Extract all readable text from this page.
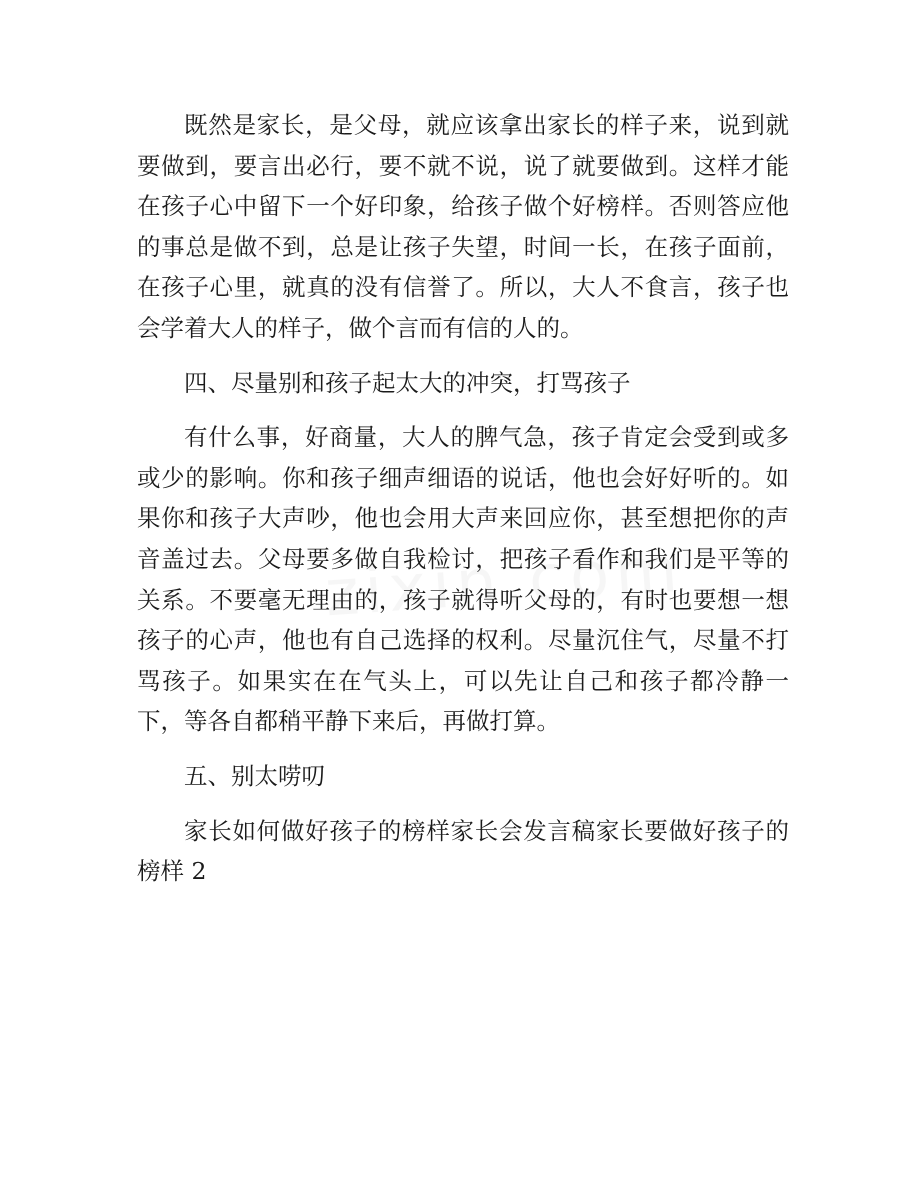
既然是家长，是父母，就应该拿出家长的样子来，说到就要做到，要言出必行，要不就不说，说了就要做到。这样才能在孩子心中留下一个好印象，给孩子做个好榜样。否则答应他的事总是做不到，总是让孩子失望，时间一长，在孩子面前，在孩子心里，就真的没有信誉了。所以，大人不食言，孩子也会学着大人的样子，做个言而有信的人的。

四、尽量别和孩子起太大的冲突，打骂孩子

有什么事，好商量，大人的脾气急，孩子肯定会受到或多或少的影响。你和孩子细声细语的说话，他也会好好听的。如果你和孩子大声吵，他也会用大声来回应你，甚至想把你的声音盖过去。父母要多做自我检讨，把孩子看作和我们是平等的关系。不要毫无理由的，孩子就得听父母的，有时也要想一想孩子的心声，他也有自己选择的权利。尽量沉住气，尽量不打骂孩子。如果实在在气头上，可以先让自己和孩子都冷静一下，等各自都稍平静下来后，再做打算。

五、别太唠叨

家长如何做好孩子的榜样家长会发言稿家长要做好孩子的榜样 2
